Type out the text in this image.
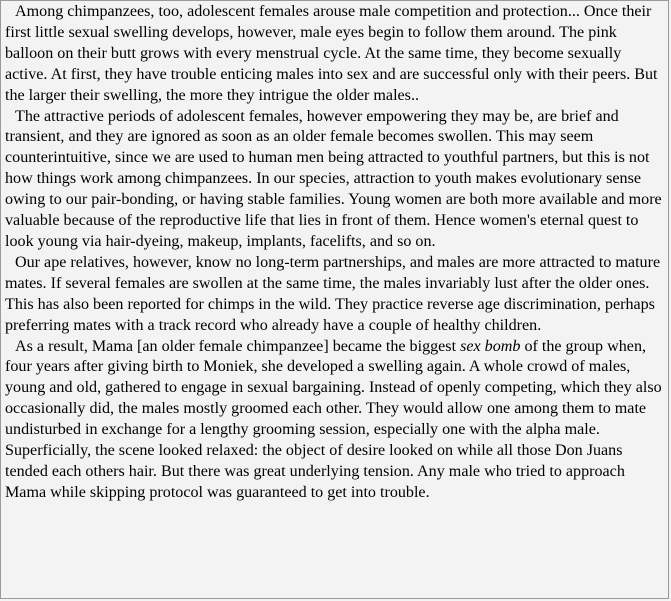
Among chimpanzees, too, adolescent females arouse male competition and protection... Once their first little sexual swelling develops, however, male eyes begin to follow them around. The pink balloon on their butt grows with every menstrual cycle. At the same time, they become sexually active. At first, they have trouble enticing males into sex and are successful only with their peers. But the larger their swelling, the more they intrigue the older males..

The attractive periods of adolescent females, however empowering they may be, are brief and transient, and they are ignored as soon as an older female becomes swollen. This may seem counterintuitive, since we are used to human men being attracted to youthful partners, but this is not how things work among chimpanzees. In our species, attraction to youth makes evolutionary sense owing to our pair-bonding, or having stable families. Young women are both more available and more valuable because of the reproductive life that lies in front of them. Hence women's eternal quest to look young via hair-dyeing, makeup, implants, facelifts, and so on.

Our ape relatives, however, know no long-term partnerships, and males are more attracted to mature mates. If several females are swollen at the same time, the males invariably lust after the older ones. This has also been reported for chimps in the wild. They practice reverse age discrimination, perhaps preferring mates with a track record who already have a couple of healthy children.

As a result, Mama [an older female chimpanzee] became the biggest sex bomb of the group when, four years after giving birth to Moniek, she developed a swelling again. A whole crowd of males, young and old, gathered to engage in sexual bargaining. Instead of openly competing, which they also occasionally did, the males mostly groomed each other. They would allow one among them to mate undisturbed in exchange for a lengthy grooming session, especially one with the alpha male. Superficially, the scene looked relaxed: the object of desire looked on while all those Don Juans tended each others hair. But there was great underlying tension. Any male who tried to approach Mama while skipping protocol was guaranteed to get into trouble.
